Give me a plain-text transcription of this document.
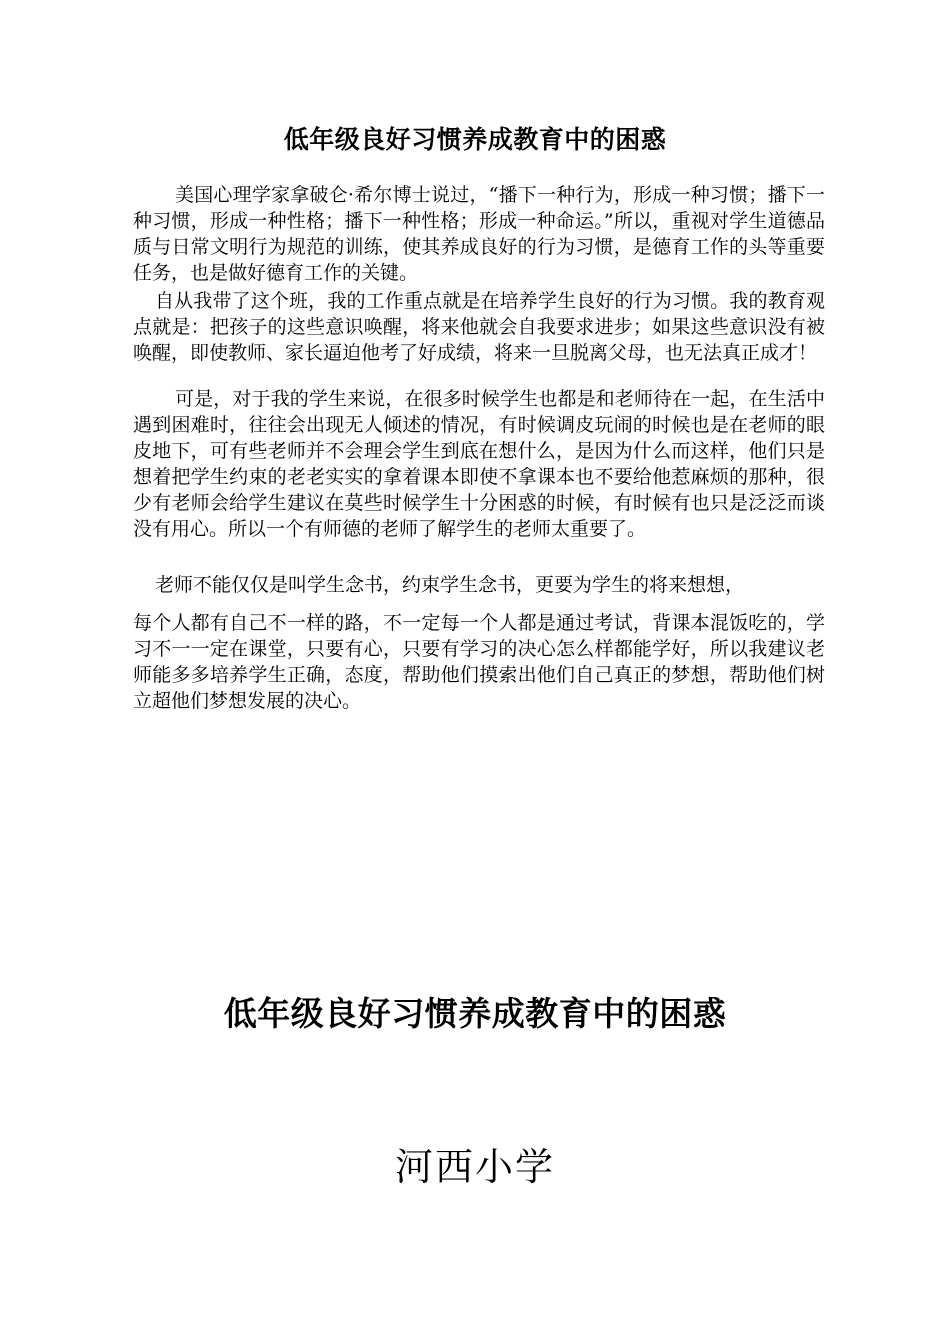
低年级良好习惯养成教育中的困惑
美国心理学家拿破仑·希尔博士说过，“播下一种行为，形成一种习惯；播下一种习惯，形成一种性格；播下一种性格；形成一种命运。”所以，重视对学生道德品质与日常文明行为规范的训练，使其养成良好的行为习惯，是德育工作的头等重要任务，也是做好德育工作的关键。
自从我带了这个班，我的工作重点就是在培养学生良好的行为习惯。我的教育观点就是：把孩子的这些意识唤醒，将来他就会自我要求进步；如果这些意识没有被唤醒，即使教师、家长逼迫他考了好成绩，将来一旦脱离父母，也无法真正成才！
可是，对于我的学生来说，在很多时候学生也都是和老师待在一起，在生活中遇到困难时，往往会出现无人倾述的情况，有时候调皮玩闹的时候也是在老师的眼皮地下，可有些老师并不会理会学生到底在想什么，是因为什么而这样，他们只是想着把学生约束的老老实实的拿着课本即使不拿课本也不要给他惹麻烦的那种，很少有老师会给学生建议在莫些时候学生十分困惑的时候，有时候有也只是泛泛而谈没有用心。所以一个有师德的老师了解学生的老师太重要了。
老师不能仅仅是叫学生念书，约束学生念书，更要为学生的将来想想，
每个人都有自己不一样的路，不一定每一个人都是通过考试，背课本混饭吃的，学习不一一定在课堂，只要有心，只要有学习的决心怎么样都能学好，所以我建议老师能多多培养学生正确，态度，帮助他们摸索出他们自己真正的梦想，帮助他们树立超他们梦想发展的决心。
低年级良好习惯养成教育中的困惑
河西小学
